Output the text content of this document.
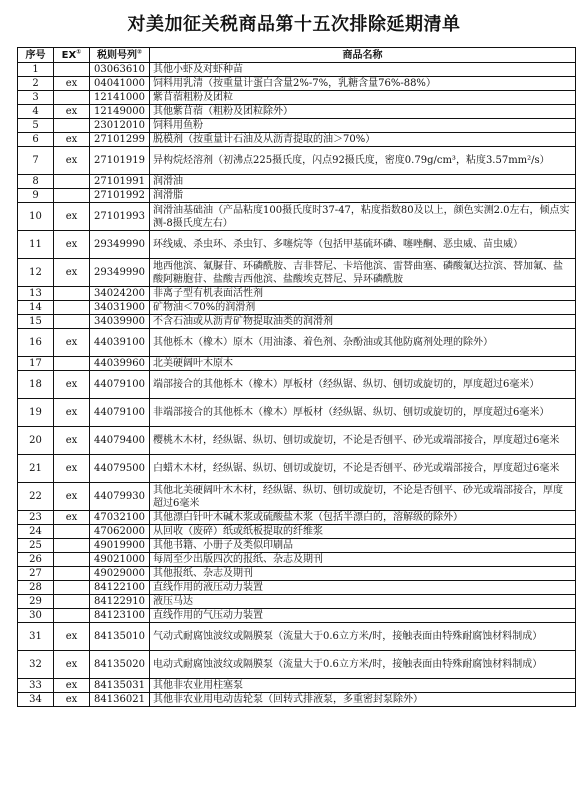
对美加征关税商品第十五次排除延期清单
序号	EX①	税则号列②	商品名称
1		03063610	其他小虾及对虾种苗
2	ex	04041000	饲料用乳清（按重量计蛋白含量2%-7%，乳糖含量76%-88%）
3		12141000	紫苜蓿粗粉及团粒
4	ex	12149000	其他紫苜蓿（粗粉及团粒除外）
5		23012010	饲料用鱼粉
6	ex	27101299	脱模剂（按重量计石油及从沥青提取的油＞70%）
7	ex	27101919	异构烷烃溶剂（初沸点225摄氏度，闪点92摄氏度，密度0.79g/cm³，粘度3.57mm²/s）
8		27101991	润滑油
9		27101992	润滑脂
10	ex	27101993	润滑油基础油（产品粘度100摄氏度时37-47，粘度指数80及以上，颜色实测2.0左右，倾点实测-8摄氏度左右）
11	ex	29349990	环线威、杀虫环、杀虫钉、多噻烷等（包括甲基硫环磷、噻唑酮、恶虫威、苗虫威）
12	ex	29349990	地西他滨、氟脲苷、环磷酰胺、吉非替尼、卡培他滨、雷替曲塞、磷酸氟达拉滨、替加氟、盐酸阿糖胞苷、盐酸吉西他滨、盐酸埃克替尼、异环磷酰胺
13		34024200	非离子型有机表面活性剂
14		34031900	矿物油＜70%的润滑剂
15		34039900	不含石油或从沥青矿物提取油类的润滑剂
16	ex	44039100	其他栎木（橡木）原木（用油漆、着色剂、杂酚油或其他防腐剂处理的除外）
17		44039960	北美硬阔叶木原木
18	ex	44079100	端部接合的其他栎木（橡木）厚板材（经纵锯、纵切、刨切或旋切的，厚度超过6毫米）
19	ex	44079100	非端部接合的其他栎木（橡木）厚板材（经纵锯、纵切、刨切或旋切的，厚度超过6毫米）
20	ex	44079400	樱桃木木材，经纵锯、纵切、刨切或旋切，不论是否刨平、砂光或端部接合，厚度超过6毫米
21	ex	44079500	白蜡木木材，经纵锯、纵切、刨切或旋切，不论是否刨平、砂光或端部接合，厚度超过6毫米
22	ex	44079930	其他北美硬阔叶木木材，经纵锯、纵切、刨切或旋切，不论是否刨平、砂光或端部接合，厚度超过6毫米
23	ex	47032100	其他漂白针叶木碱木浆或硫酸盐木浆（包括半漂白的，溶解级的除外）
24		47062000	从回收（废碎）纸或纸板提取的纤维浆
25		49019900	其他书籍、小册子及类似印刷品
26		49021000	每周至少出版四次的报纸、杂志及期刊
27		49029000	其他报纸、杂志及期刊
28		84122100	直线作用的液压动力装置
29		84122910	液压马达
30		84123100	直线作用的气压动力装置
31	ex	84135010	气动式耐腐蚀波纹或隔膜泵（流量大于0.6立方米/时，接触表面由特殊耐腐蚀材料制成）
32	ex	84135020	电动式耐腐蚀波纹或隔膜泵（流量大于0.6立方米/时，接触表面由特殊耐腐蚀材料制成）
33	ex	84135031	其他非农业用柱塞泵
34	ex	84136021	其他非农业用电动齿轮泵（回转式排液泵，多重密封泵除外）
